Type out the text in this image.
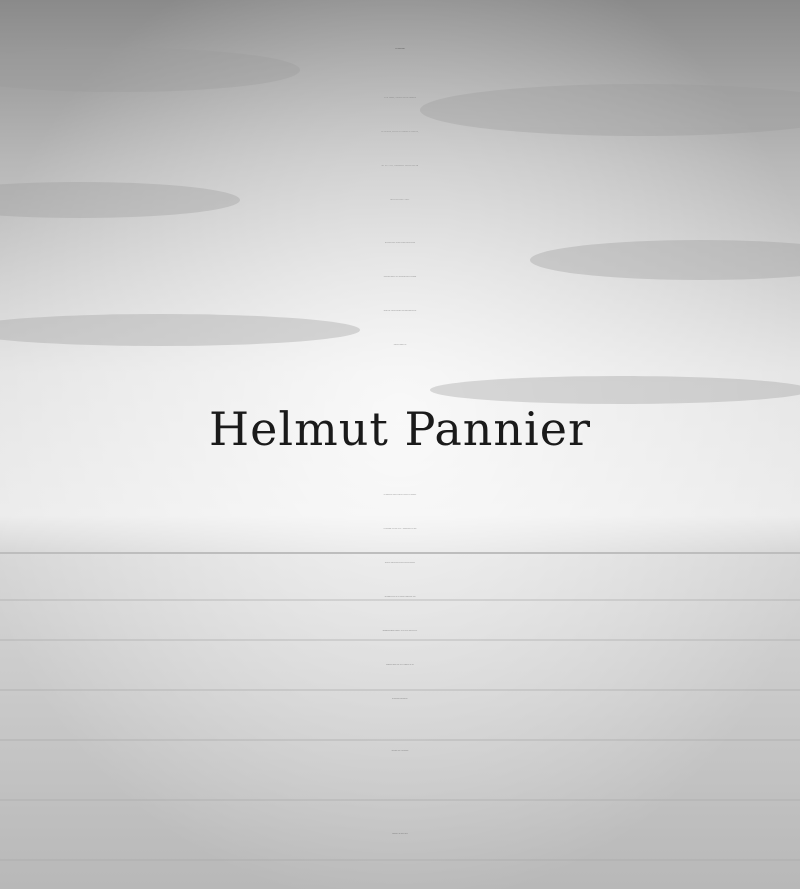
Herzlichen Dank
Es ist schwer, einen geliebten Menschen
zu verlieren, aber es ist tröstend zu erfahren,
wie viel Liebe, Freundschaft und Achtung ihm
entgegengebracht wurde.
Wir danken allen, die sich in stiller Trauer mit uns
verbunden fühlten, ihre Anteilnahme auf so vielfältige
Weise zum Ausdruck brachten und gemeinsam mit uns
Abschied nahmen von
Helmut Pannier
Ein besonderer Dank gilt seinen Freunden in Uthausen
und Bergwitz, Frau Dipl. Med. A. Zimmermann und dem
Team der Naturheilpraxis Radis, dem Seniorenpark
„Vergißmeinnicht“ für die liebevolle Betreuung, dem
Bestattungsinstitut Leßmann, Herrn Pfarrer Schulz für die
tröstenden Worte und Herrn Hausmann für die
musikalische Umrahmung.
Im Namen aller Angehörigen
Uthausen, im Januar 2016
